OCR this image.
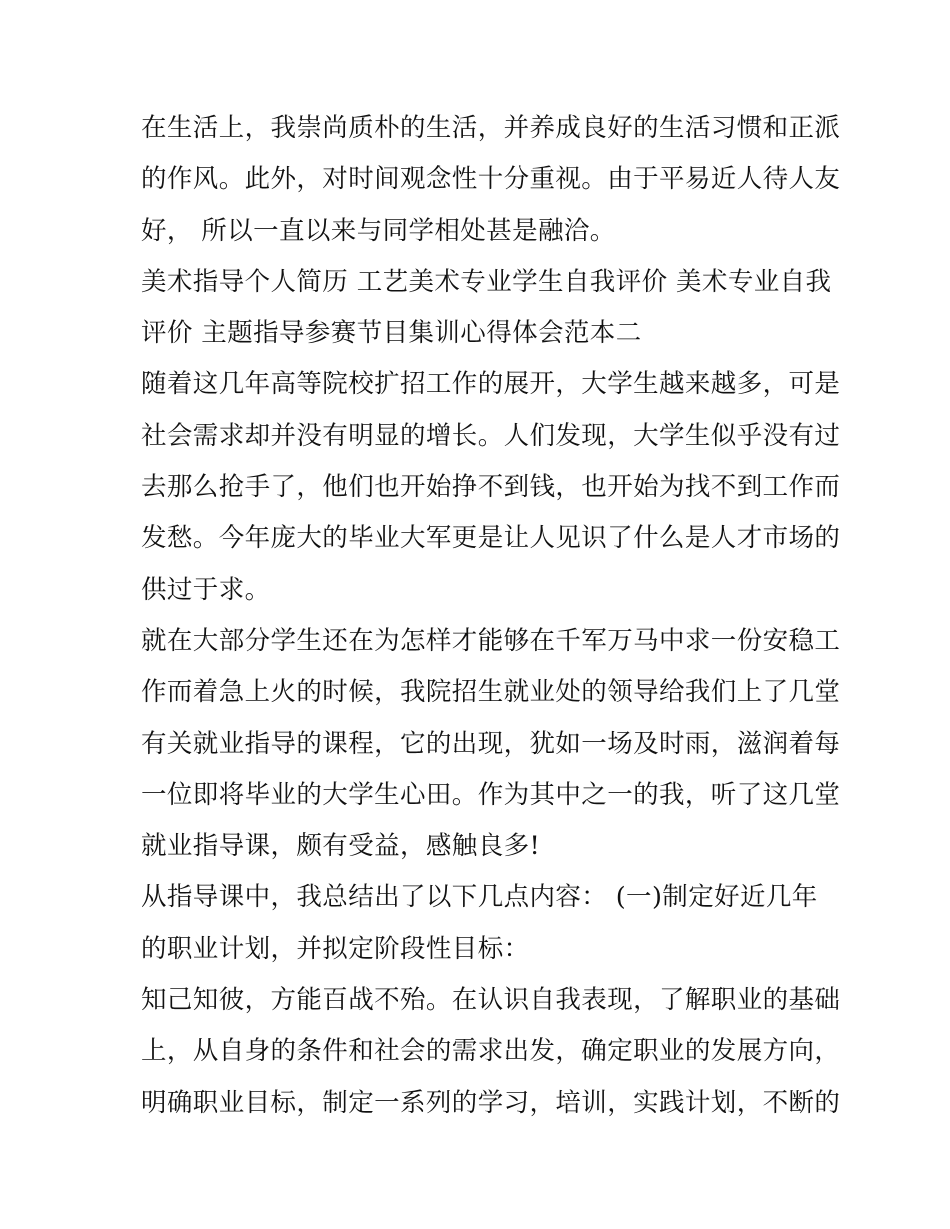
在生活上，我崇尚质朴的生活，并养成良好的生活习惯和正派
的作风。此外，对时间观念性十分重视。由于平易近人待人友
好， 所以一直以来与同学相处甚是融洽。
美术指导个人简历 工艺美术专业学生自我评价 美术专业自我
评价 主题指导参赛节目集训心得体会范本二
随着这几年高等院校扩招工作的展开，大学生越来越多，可是
社会需求却并没有明显的增长。人们发现，大学生似乎没有过
去那么抢手了，他们也开始挣不到钱，也开始为找不到工作而
发愁。今年庞大的毕业大军更是让人见识了什么是人才市场的
供过于求。
就在大部分学生还在为怎样才能够在千军万马中求一份安稳工
作而着急上火的时候，我院招生就业处的领导给我们上了几堂
有关就业指导的课程，它的出现，犹如一场及时雨，滋润着每
一位即将毕业的大学生心田。作为其中之一的我，听了这几堂
就业指导课，颇有受益，感触良多!
从指导课中，我总结出了以下几点内容： (一)制定好近几年
的职业计划，并拟定阶段性目标：
知己知彼，方能百战不殆。在认识自我表现，了解职业的基础
上，从自身的条件和社会的需求出发，确定职业的发展方向，
明确职业目标，制定一系列的学习，培训，实践计划，不断的
